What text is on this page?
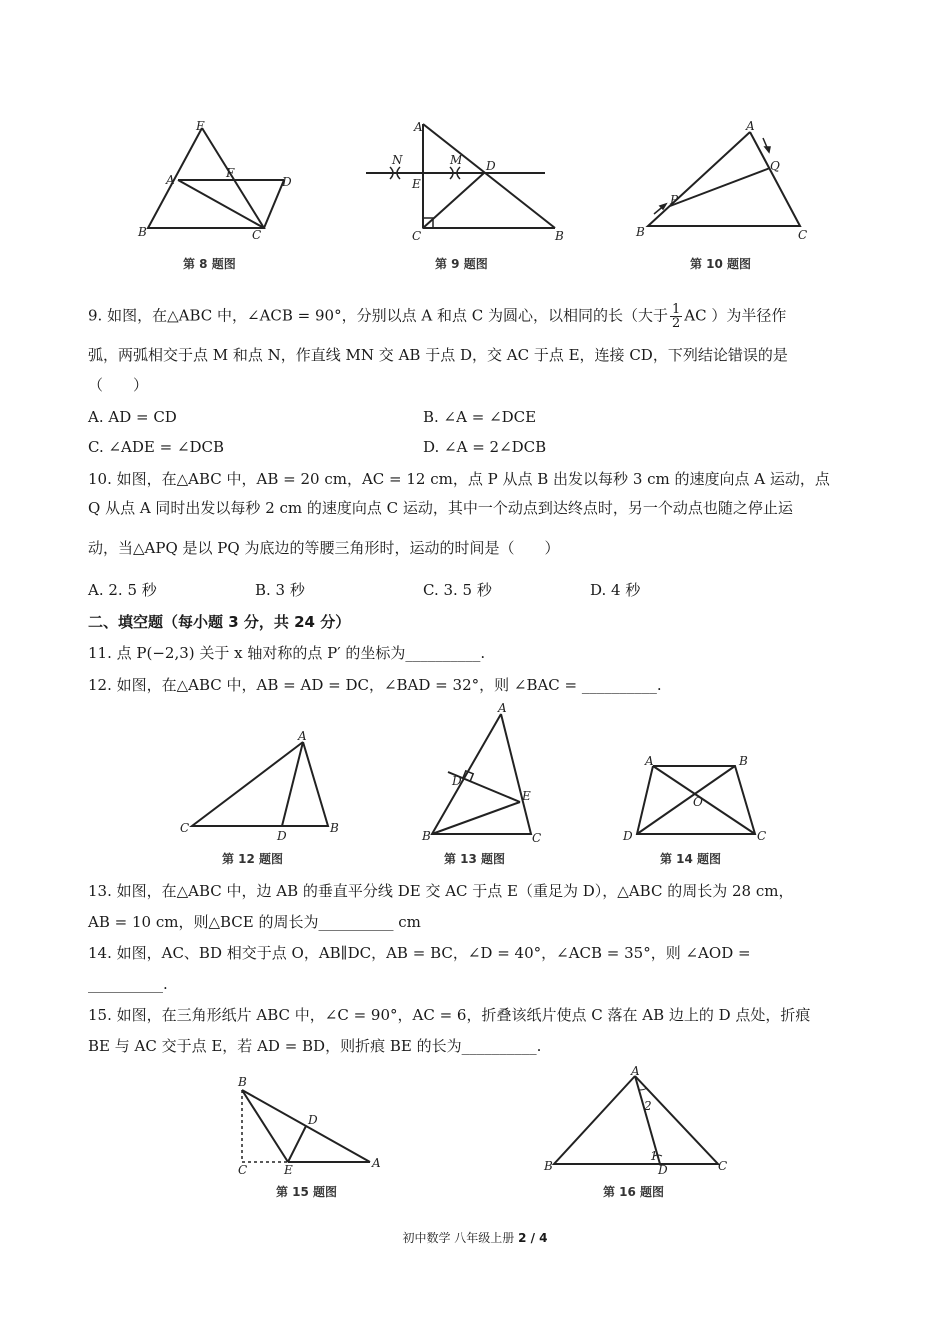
E
A	F
D
B	C
第 8 题图
A
N	M D
E
C	B
第 9 题图
A
Q
P
B	C
第 10 题图
9. 如图，在△ABC 中，∠ACB = 90°，分别以点 A 和点 C 为圆心，以相同的长（大于 $\frac{1}{2}$ AC ）为半径作
弧，两弧相交于点 M 和点 N，作直线 MN 交 AB 于点 D，交 AC 于点 E，连接 CD，下列结论错误的是
（　　）
A. AD = CD	B. ∠A = ∠DCE
C. ∠ADE = ∠DCB	D. ∠A = 2∠DCB
10. 如图，在△ABC 中，AB = 20 cm，AC = 12 cm，点 P 从点 B 出发以每秒 3 cm 的速度向点 A 运动，点
Q 从点 A 同时出发以每秒 2 cm 的速度向点 C 运动，其中一个动点到达终点时，另一个动点也随之停止运
动，当△APQ 是以 PQ 为底边的等腰三角形时，运动的时间是（　　）
A. 2. 5 秒	B. 3 秒	C. 3. 5 秒	D. 4 秒
二、填空题（每小题 3 分，共 24 分）
11. 点 P(−2,3) 关于 x 轴对称的点 P′ 的坐标为__________.
12. 如图，在△ABC 中，AB = AD = DC，∠BAD = 32°，则 ∠BAC = __________.
A
C
D
B
第 12 题图
A
D
E
B	C
第 13 题图
A	B
O
D	C
第 14 题图
13. 如图，在△ABC 中，边 AB 的垂直平分线 DE 交 AC 于点 E（重足为 D），△ABC 的周长为 28 cm，
AB = 10 cm，则△BCE 的周长为__________ cm
14. 如图，AC、BD 相交于点 O，AB∥DC，AB = BC，∠D = 40°，∠ACB = 35°，则 ∠AOD =
__________.
15. 如图，在三角形纸片 ABC 中，∠C = 90°，AC = 6，折叠该纸片使点 C 落在 AB 边上的 D 点处，折痕
BE 与 AC 交于点 E，若 AD = BD，则折痕 BE 的长为__________.
B
D
C	E	A
第 15 题图
A
2
B
1
D	C
第 16 题图
初中数学 八年级上册 2 / 4
